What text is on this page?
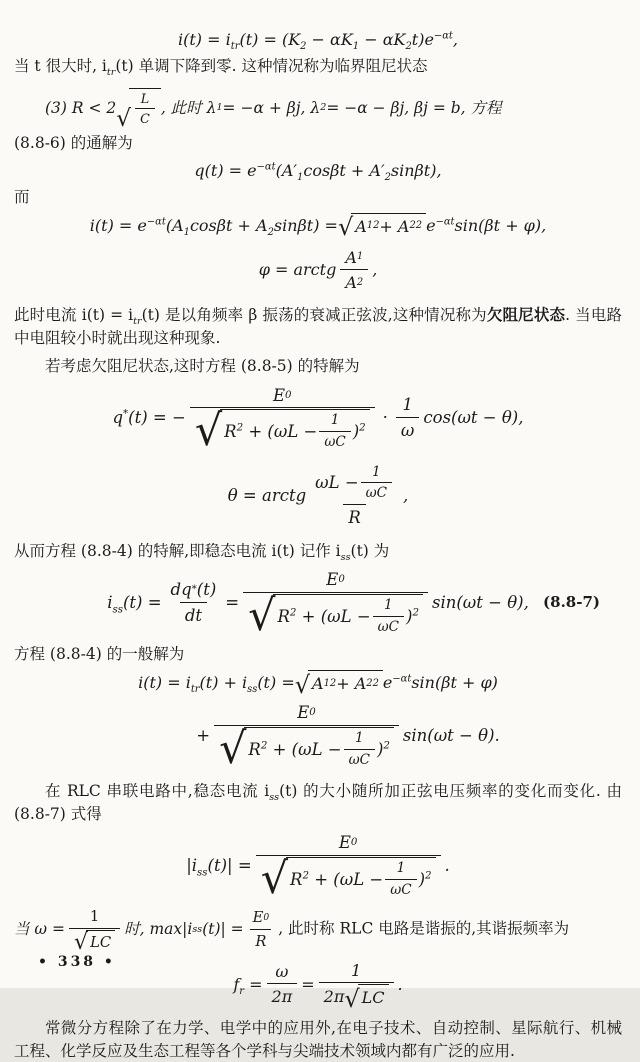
$i(t) = i_{tr}(t) = (K_2 - \alpha K_1 - \alpha K_2t)e^{-\alpha t}$,
当 t 很大时, $i_{tr}(t)$ 单调下降到零. 这种情况称为临界阻尼状态
(3) R < 2 √ $\frac{L}{C}$ , 此时 λ 1 = −α + βj, λ 2 = −α − βj, βj = b, 方程
(8.8-6) 的通解为
$q(t) = e^{-\alpha t}(A'_1\cos\beta t + A'_2\sin\beta t)$,
而
$i(t) = e^{-\alpha t}(A_1\cos\beta t + A_2\sin\beta t)$ = √ A 1 2 + A 2 2 $e^{-\alpha t}\sin(\beta t + \varphi)$,
φ = arctg $\frac{A 1}{A 2}$ ,
此时电流 $i(t) = i_{tr}(t)$ 是以角频率 β 振荡的衰减正弦波,这种情况称为欠阻尼状态. 当电路中电阻较小时就出现这种现象.
若考虑欠阻尼状态,这时方程 (8.8-5) 的特解为
q*(t) = − $\frac{E 0}{√ R^2 + (\omega L - \frac{1}{\omega C} )^2} \cdot \frac{1}{\omega} \cos(\omega t - \theta)$,
θ = arctg $\frac{\omega L - \frac{1}{\omega C}}{R}$ ,
从而方程 (8.8-4) 的特解,即稳态电流 i(t) 记作 $i_{ss}(t)$ 为
$i_{ss}(t) = \frac{dq * (t)}{dt} = \frac{E 0}{√ R^2 + (\omega L - \frac{1}{\omega C} )^2} \sin(\omega t - \theta)$, (8.8-7)
方程 (8.8-4) 的一般解为
$i(t) = i_{tr}(t) + i_{ss}(t)$ = √ A 1 2 + A 2 2 $e^{-\alpha t}\sin(\beta t + \varphi)$
+ $\frac{E 0}{√ R^2 + (\omega L - \frac{1}{\omega C} )^2} \sin(\omega t - \theta)$.
在 RLC 串联电路中,稳态电流 $i_{ss}(t)$ 的大小随所加正弦电压频率的变化而变化. 由 (8.8-7) 式得
$|i_{ss}(t)| = \frac{E 0}{√ R^2 + (\omega L - \frac{1}{\omega C} )^2}$ .
当 $\omega = \frac{1}{√ LC}$ 时, max|i ss $(t)| = \frac{E 0}{R}$ , 此时称 RLC 电路是谐振的,其谐振频率为
$f_r = \frac{\omega}{2\pi} = \frac{1}{2\pi √ LC}$ .
常微分方程除了在力学、电学中的应用外,在电子技术、自动控制、星际航行、机械工程、化学反应及生态工程等各个学科与尖端技术领域内都有广泛的应用.
• 338 •
